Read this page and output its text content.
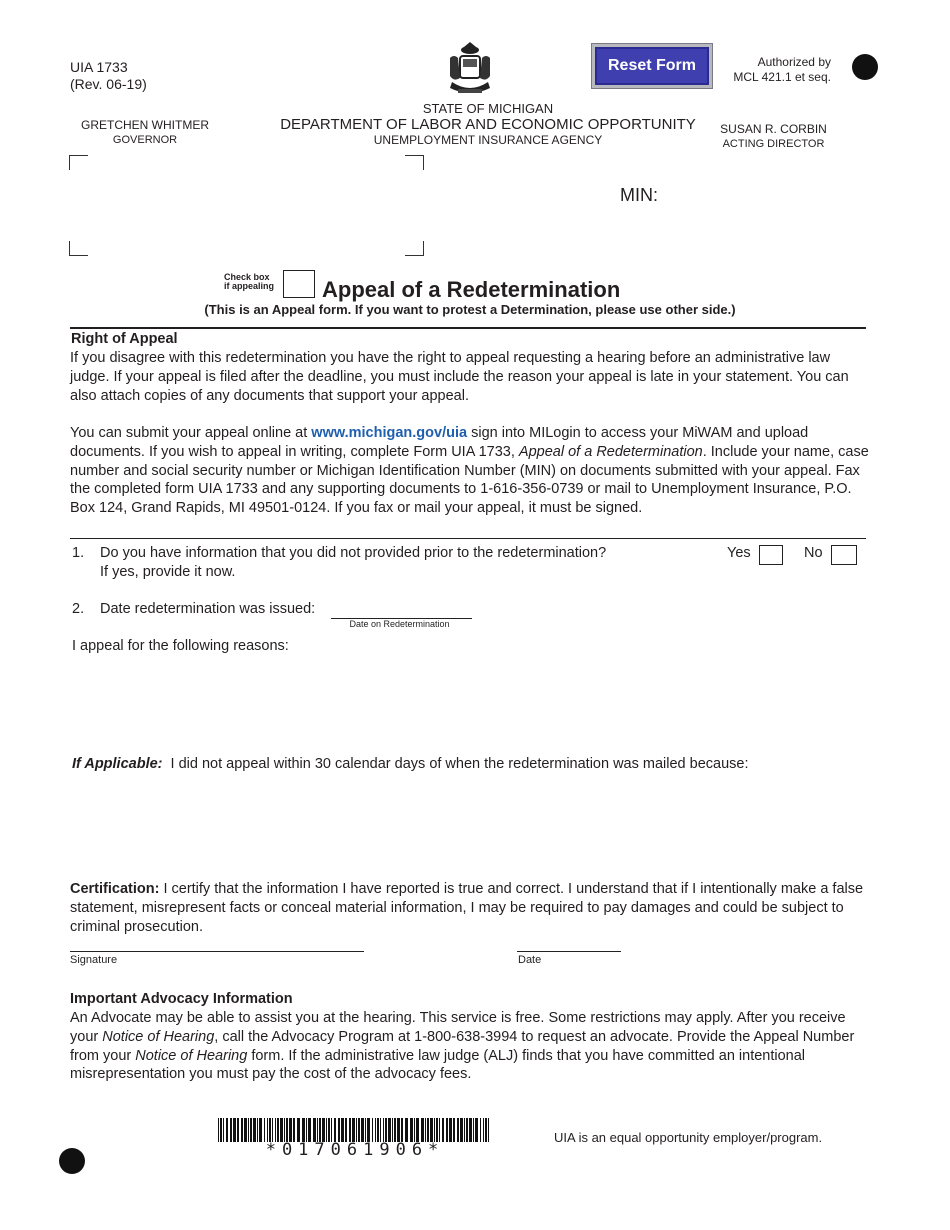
UIA 1733
(Rev. 06-19)
Reset Form	Authorized by
MCL 421.1 et seq.
STATE OF MICHIGAN
DEPARTMENT OF LABOR AND ECONOMIC OPPORTUNITY
UNEMPLOYMENT INSURANCE AGENCY
GRETCHEN WHITMER
GOVERNOR
SUSAN R. CORBIN
ACTING DIRECTOR
MIN:
Check box
if appealing Appeal of a Redetermination
(This is an Appeal form. If you want to protest a Determination, please use other side.)
Right of Appeal
If you disagree with this redetermination you have the right to appeal requesting a hearing before an administrative law judge. If your appeal is filed after the deadline, you must include the reason your appeal is late in your statement. You can also attach copies of any documents that support your appeal.
You can submit your appeal online at www.michigan.gov/uia sign into MILogin to access your MiWAM and upload documents. If you wish to appeal in writing, complete Form UIA 1733, Appeal of a Redetermination. Include your name, case number and social security number or Michigan Identification Number (MIN) on documents submitted with your appeal. Fax the completed form UIA 1733 and any supporting documents to 1-616-356-0739 or mail to Unemployment Insurance, P.O. Box 124, Grand Rapids, MI 49501-0124. If you fax or mail your appeal, it must be signed.
1. Do you have information that you did not provided prior to the redetermination?
If yes, provide it now.
Yes	No
2. Date redetermination was issued:
Date on Redetermination
I appeal for the following reasons:
If Applicable:  I did not appeal within 30 calendar days of when the redetermination was mailed because:
Certification: I certify that the information I have reported is true and correct. I understand that if I intentionally make a false statement, misrepresent facts or conceal material information, I may be required to pay damages and could be subject to criminal prosecution.
Signature	Date
Important Advocacy Information
An Advocate may be able to assist you at the hearing. This service is free. Some restrictions may apply. After you receive your Notice of Hearing, call the Advocacy Program at 1-800-638-3994 to request an advocate. Provide the Appeal Number from your Notice of Hearing form. If the administrative law judge (ALJ) finds that you have committed an intentional misrepresentation you must pay the cost of the advocacy fees.
*017061906*
UIA is an equal opportunity employer/program.
